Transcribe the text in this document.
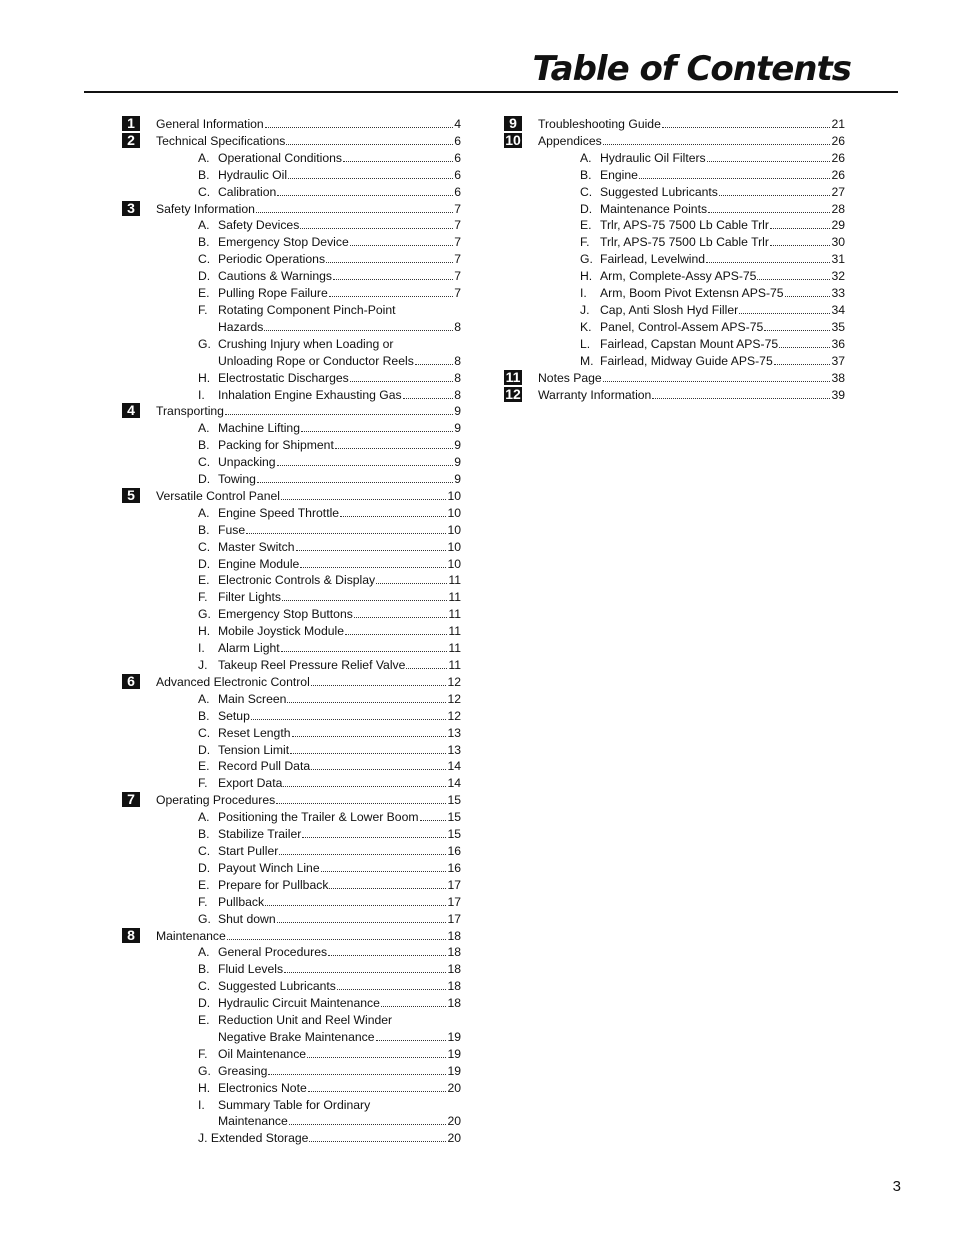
Table of Contents
1	General Information	4
2	Technical Specifications	6
A. Operational Conditions	6
B. Hydraulic Oil	6
C. Calibration	6
3	Safety Information	7
A. Safety Devices	7
B. Emergency Stop Device	7
C. Periodic Operations	7
D. Cautions & Warnings	7
E. Pulling Rope Failure	7
F. Rotating Component Pinch-Point
Hazards	8
G. Crushing Injury when Loading or
Unloading Rope or Conductor Reels	8
H. Electrostatic Discharges	8
I.	Inhalation Engine Exhausting Gas	8
4	Transporting	9
A. Machine Lifting	9
B. Packing for Shipment	9
C. Unpacking	9
D. Towing	9
5	Versatile Control Panel	10
A. Engine Speed Throttle	10
B. Fuse	10
C. Master Switch	10
D. Engine Module	10
E. Electronic Controls & Display	11
F. Filter Lights	11
G. Emergency Stop Buttons	11
H. Mobile Joystick Module	11
I.	Alarm Light	11
J. Takeup Reel Pressure Relief Valve	11
6	Advanced Electronic Control	12
A. Main Screen	12
B. Setup	12
C. Reset Length	13
D. Tension Limit	13
E. Record Pull Data	14
F. Export Data	14
7	Operating Procedures	15
A. Positioning the Trailer & Lower Boom 15
B. Stabilize Trailer	15
C. Start Puller	16
D. Payout Winch Line	16
E. Prepare for Pullback	17
F. Pullback	17
G. Shut down	17
8	Maintenance	18
A. General Procedures	18
B. Fluid Levels	18
C. Suggested Lubricants	18
D. Hydraulic Circuit Maintenance	18
E. Reduction Unit and Reel Winder
Negative Brake Maintenance	19
F. Oil Maintenance	19
G. Greasing	19
H. Electronics Note	20
I.	Summary Table for Ordinary
Maintenance	20
J. Extended Storage	20
9	Troubleshooting Guide	21
10 Appendices	26
A. Hydraulic Oil Filters	26
B. Engine	26
C. Suggested Lubricants	27
D. Maintenance Points	28
E. Trlr, APS-75 7500 Lb Cable Trlr	29
F. Trlr, APS-75 7500 Lb Cable Trlr	30
G. Fairlead, Levelwind	31
H. Arm, Complete-Assy APS-75	32
I.	Arm, Boom Pivot Extensn APS-75	33
J. Cap, Anti Slosh Hyd Filler	34
K. Panel, Control-Assem APS-75	35
L. Fairlead, Capstan Mount APS-75	36
M. Fairlead, Midway Guide APS-75	37
11 Notes Page	38
12 Warranty Information	39
3
